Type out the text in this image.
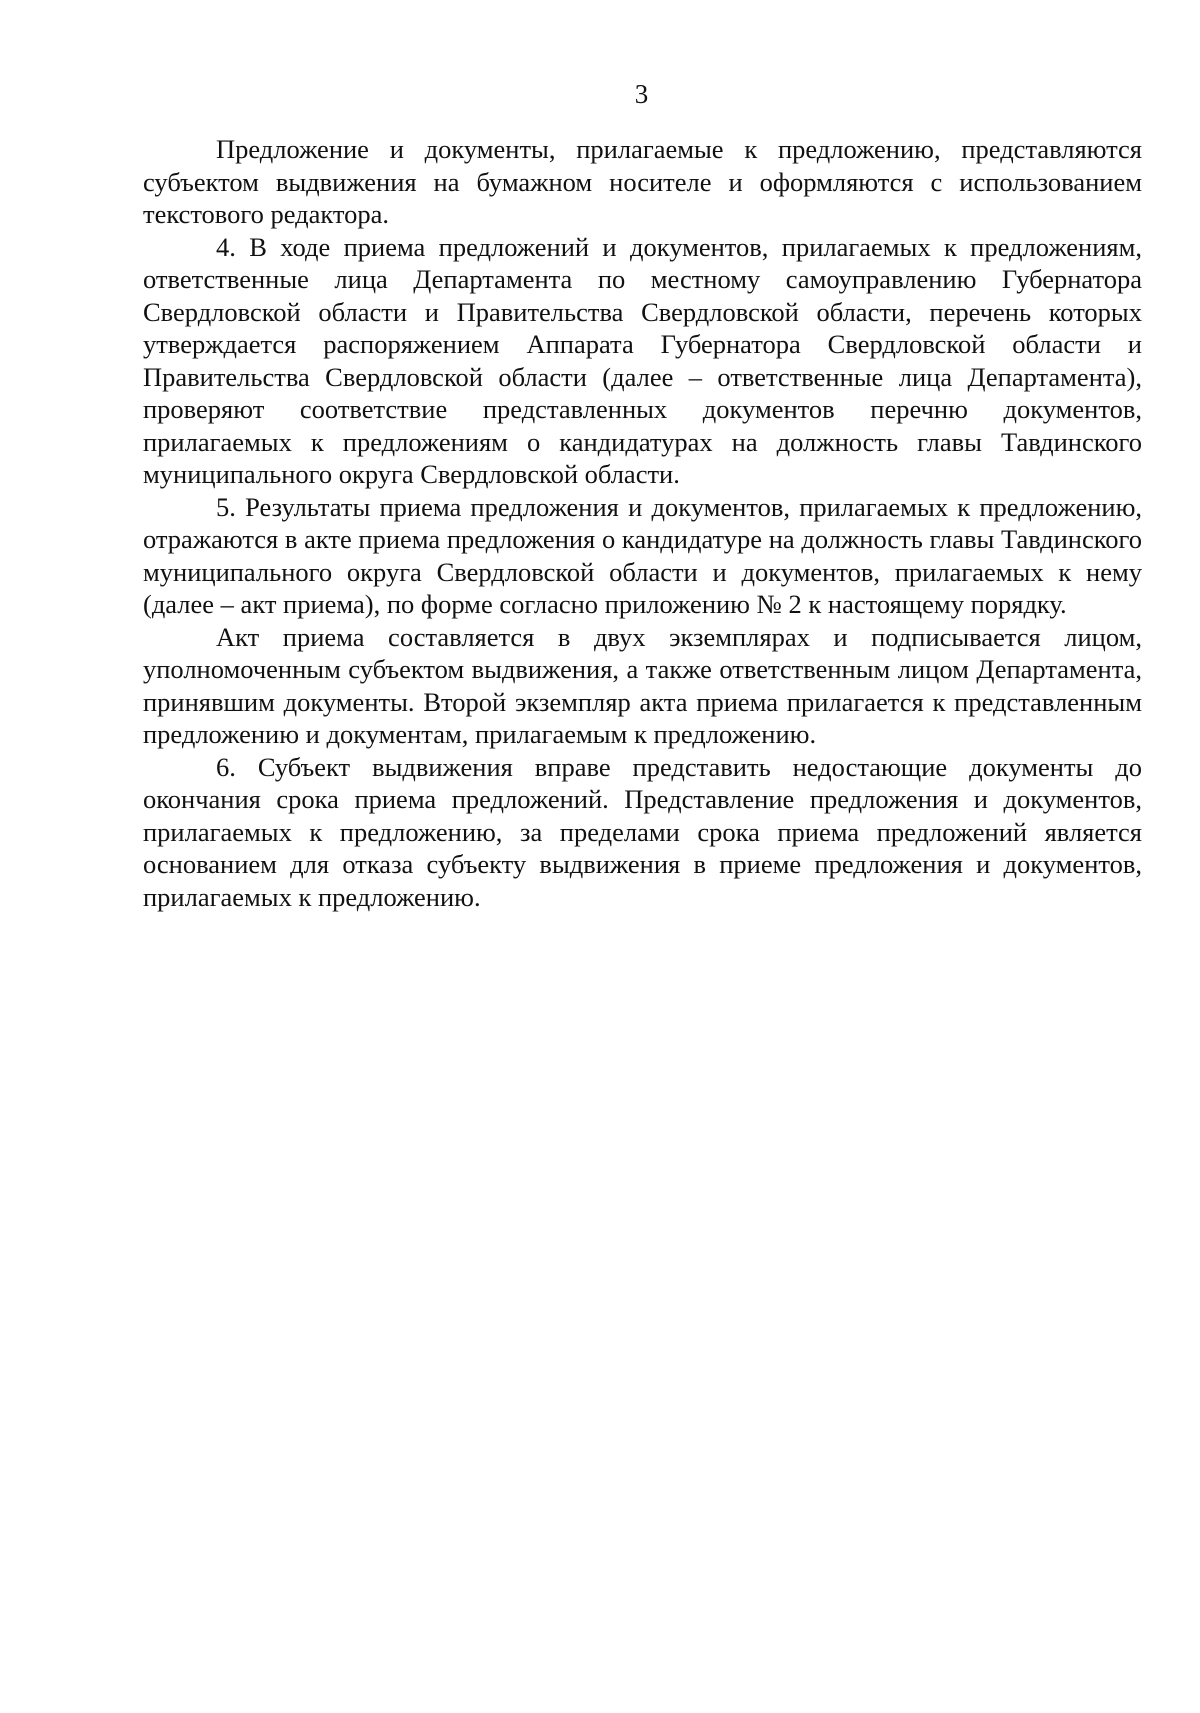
3

Предложение и документы, прилагаемые к предложению, представляются субъектом выдвижения на бумажном носителе и оформляются с использованием текстового редактора.

4. В ходе приема предложений и документов, прилагаемых к предложениям, ответственные лица Департамента по местному самоуправлению Губернатора Свердловской области и Правительства Свердловской области, перечень которых утверждается распоряжением Аппарата Губернатора Свердловской области и Правительства Свердловской области (далее – ответственные лица Департамента), проверяют соответствие представленных документов перечню документов, прилагаемых к предложениям о кандидатурах на должность главы Тавдинского муниципального округа Свердловской области.

5. Результаты приема предложения и документов, прилагаемых к предложению, отражаются в акте приема предложения о кандидатуре на должность главы Тавдинского муниципального округа Свердловской области и документов, прилагаемых к нему (далее – акт приема), по форме согласно приложению № 2 к настоящему порядку.

Акт приема составляется в двух экземплярах и подписывается лицом, уполномоченным субъектом выдвижения, а также ответственным лицом Департамента, принявшим документы. Второй экземпляр акта приема прилагается к представленным предложению и документам, прилагаемым к предложению.

6. Субъект выдвижения вправе представить недостающие документы до окончания срока приема предложений. Представление предложения и документов, прилагаемых к предложению, за пределами срока приема предложений является основанием для отказа субъекту выдвижения в приеме предложения и документов, прилагаемых к предложению.
